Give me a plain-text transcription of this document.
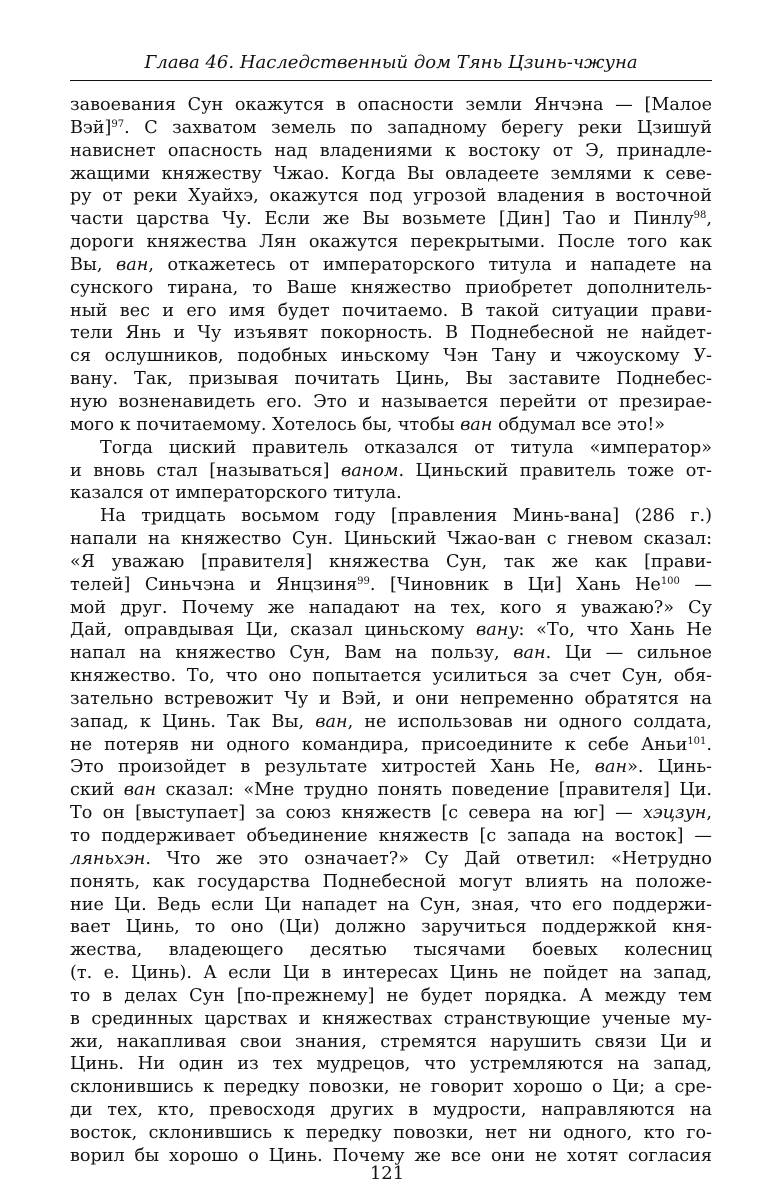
Глава 46. Наследственный дом Тянь Цзинь-чжуна
завоевания Сун окажутся в опасности земли Янчэна — [Малое
Вэй]$^{97}$. С захватом земель по западному берегу реки Цзишуй
нависнет опасность над владениями к востоку от Э, принадле-
жащими княжеству Чжао. Когда Вы овладеете землями к севе-
ру от реки Хуайхэ, окажутся под угрозой владения в восточной
части царства Чу. Если же Вы возьмете [Дин] Тао и Пинлу$^{98}$,
дороги княжества Лян окажутся перекрытыми. После того как
Вы, ван, откажетесь от императорского титула и нападете на
сунского тирана, то Ваше княжество приобретет дополнитель-
ный вес и его имя будет почитаемо. В такой ситуации прави-
тели Янь и Чу изъявят покорность. В Поднебесной не найдет-
ся ослушников, подобных иньскому Чэн Тану и чжоускому У-
вану. Так, призывая почитать Цинь, Вы заставите Поднебес-
ную возненавидеть его. Это и называется перейти от презирае-
мого к почитаемому. Хотелось бы, чтобы ван обдумал все это!»
Тогда циский правитель отказался от титула «император»
и вновь стал [называться] ваном. Циньский правитель тоже от-
казался от императорского титула.
На тридцать восьмом году [правления Минь-вана] (286 г.)
напали на княжество Сун. Циньский Чжао-ван с гневом сказал:
«Я уважаю [правителя] княжества Сун, так же как [прави-
телей] Синьчэна и Янцзиня$^{99}$. [Чиновник в Ци] Хань $Не^{100}$ —
мой друг. Почему же нападают на тех, кого я уважаю?» Су
Дай, оправдывая Ци, сказал циньскому вану: «То, что Хань Не
напал на княжество Сун, Вам на пользу, ван. Ци — сильное
княжество. То, что оно попытается усилиться за счет Сун, обя-
зательно встревожит Чу и Вэй, и они непременно обратятся на
запад, к Цинь. Так Вы, ван, не использовав ни одного солдата,
не потеряв ни одного командира, присоедините к себе Аньи$^{101}$.
Это произойдет в результате хитростей Хань Не, ван». Цинь-
ский ван сказал: «Мне трудно понять поведение [правителя] Ци.
То он [выступает] за союз княжеств [с севера на юг] — хэцзун,
то поддерживает объединение княжеств [с запада на восток] —
ляньхэн. Что же это означает?» Су Дай ответил: «Нетрудно
понять, как государства Поднебесной могут влиять на положе-
ние Ци. Ведь если Ци нападет на Сун, зная, что его поддержи-
вает Цинь, то оно (Ци) должно заручиться поддержкой кня-
жества, владеющего десятью тысячами боевых колесниц
(т. е. Цинь). А если Ци в интересах Цинь не пойдет на запад,
то в делах Сун [по-прежнему] не будет порядка. А между тем
в срединных царствах и княжествах странствующие ученые му-
жи, накапливая свои знания, стремятся нарушить связи Ци и
Цинь. Ни один из тех мудрецов, что устремляются на запад,
склонившись к передку повозки, не говорит хорошо о Ци; а сре-
ди тех, кто, превосходя других в мудрости, направляются на
восток, склонившись к передку повозки, нет ни одного, кто го-
ворил бы хорошо о Цинь. Почему же все они не хотят согласия
121
